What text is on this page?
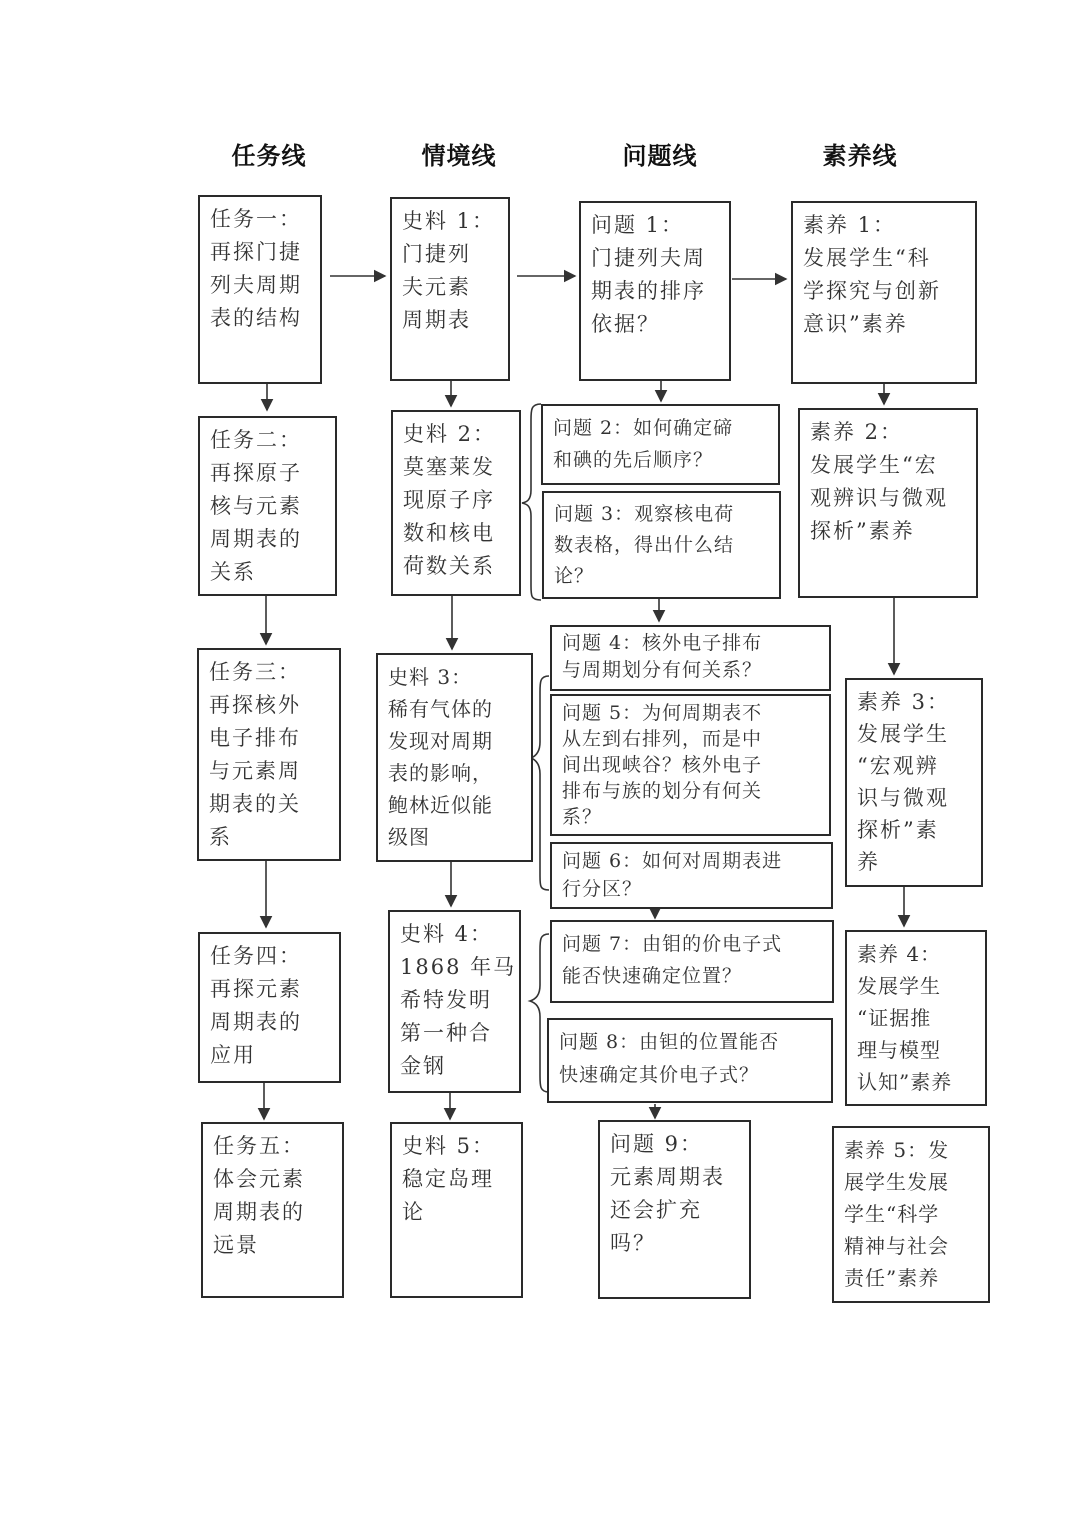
任务线	情境线	问题线	素养线
任务一：
再探门捷
列夫周期
表的结构
任务二：
再探原子
核与元素
周期表的
关系
任务三：
再探核外
电子排布
与元素周
期表的关
系
任务四：
再探元素
周期表的
应用
任务五：
体会元素
周期表的
远景
史料 1：
门捷列
夫元素
周期表
史料 2：
莫塞莱发
现原子序
数和核电
荷数关系
史料 3：
稀有气体的
发现对周期
表的影响，
鲍林近似能
级图
史料 4：
1868 年马
希特发明
第一种合
金钢
史料 5：
稳定岛理
论
问题 1：
门捷列夫周
期表的排序
依据？
问题 2：如何确定碲
和碘的先后顺序？
问题 3：观察核电荷
数表格，得出什么结
论？
问题 4：核外电子排布
与周期划分有何关系？
问题 5：为何周期表不
从左到右排列，而是中
间出现峡谷？核外电子
排布与族的划分有何关
系？
问题 6：如何对周期表进
行分区？
问题 7：由钼的价电子式
能否快速确定位置？
问题 8：由钽的位置能否
快速确定其价电子式？
问题 9：
元素周期表
还会扩充
吗？
素养 1：
发展学生“科
学探究与创新
意识”素养
素养 2：
发展学生“宏
观辨识与微观
探析”素养
素养 3：
发展学生
“宏观辨
识与微观
探析”素
养
素养 4：
发展学生
“证据推
理与模型
认知”素养
素养 5：发
展学生发展
学生“科学
精神与社会
责任”素养
